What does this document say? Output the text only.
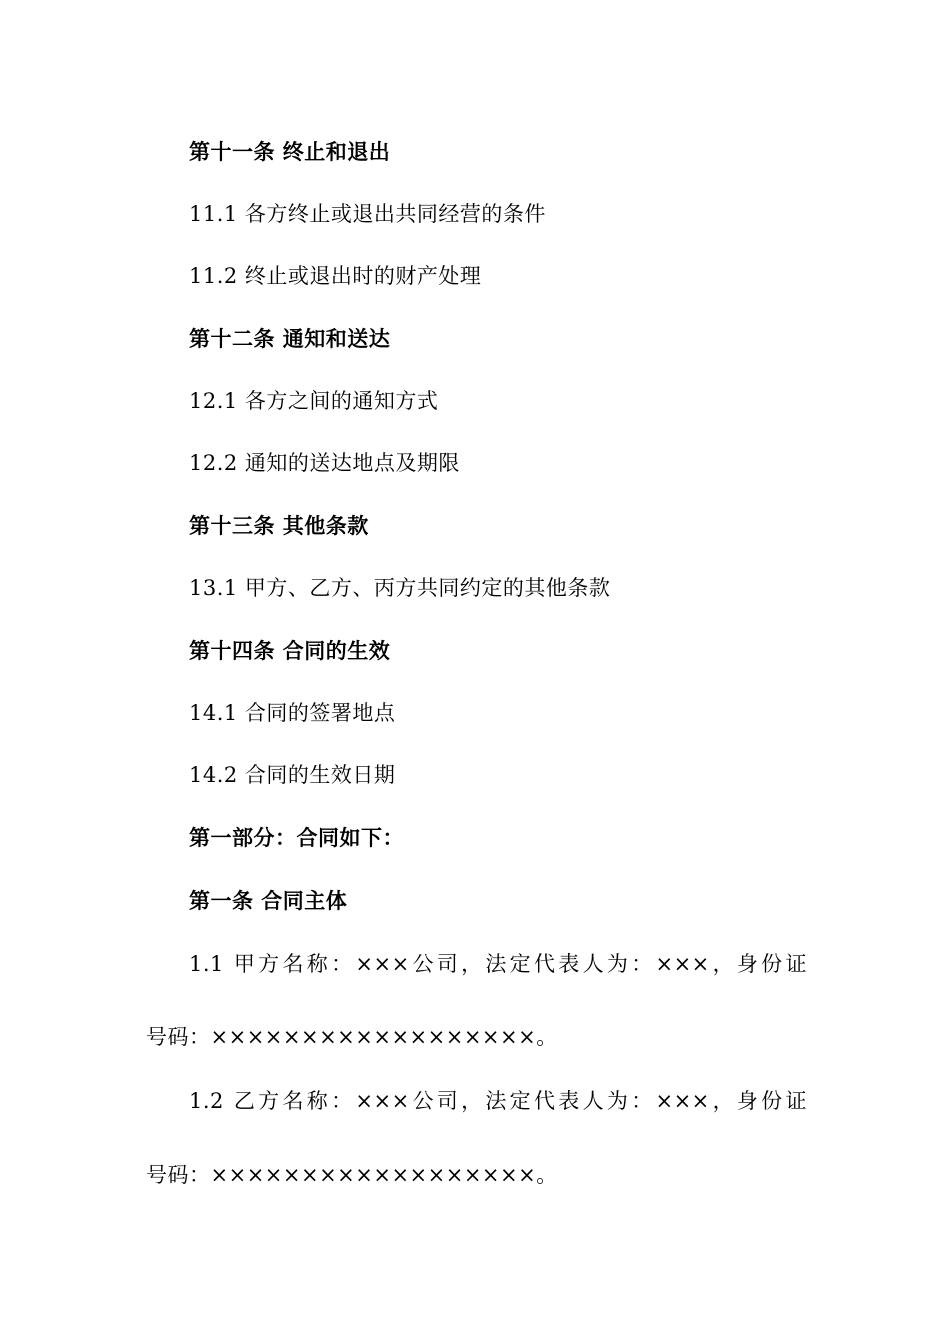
第十一条 终止和退出
11.1 各方终止或退出共同经营的条件
11.2 终止或退出时的财产处理
第十二条 通知和送达
12.1 各方之间的通知方式
12.2 通知的送达地点及期限
第十三条 其他条款
13.1 甲方、乙方、丙方共同约定的其他条款
第十四条 合同的生效
14.1 合同的签署地点
14.2 合同的生效日期
第一部分：合同如下：
第一条 合同主体
1.1 甲方名称：×××公司，法定代表人为：×××，身份证
号码：××××××××××××××××××。
1.2 乙方名称：×××公司，法定代表人为：×××，身份证
号码：××××××××××××××××××。
